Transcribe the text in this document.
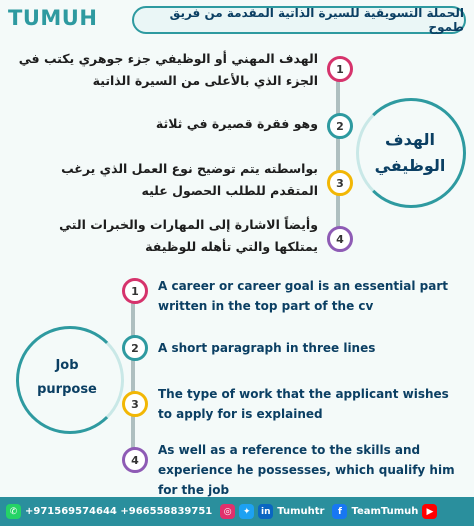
TUMUH	الحملة التسويقية للسيرة الذاتية المقدمة من فريق طموح
الهدف الوظيفي
1
الهدف المهني أو الوظيفي جزء جوهري يكتب في الجزء الذي بالأعلى من السيرة الذاتية
2
وهو فقرة قصيرة في ثلاثة
3
بواسطته يتم توضيح نوع العمل الذي يرغب المتقدم للطلب الحصول عليه
4
وأيضاً الاشارة إلى المهارات والخبرات التي يمتلكها والتي تأهله للوظيفة
Job purpose
1 A career or career goal is an essential part written in the top part of the cv
2 A short paragraph in three lines
3
The type of work that the applicant wishes to apply for is explained
4
As well as a reference to the skills and experience he possesses, which qualify him for the job
✆ +971569574644 +966558839751	◎	✦	in Tumuhtr	f TeamTumuh ▶
